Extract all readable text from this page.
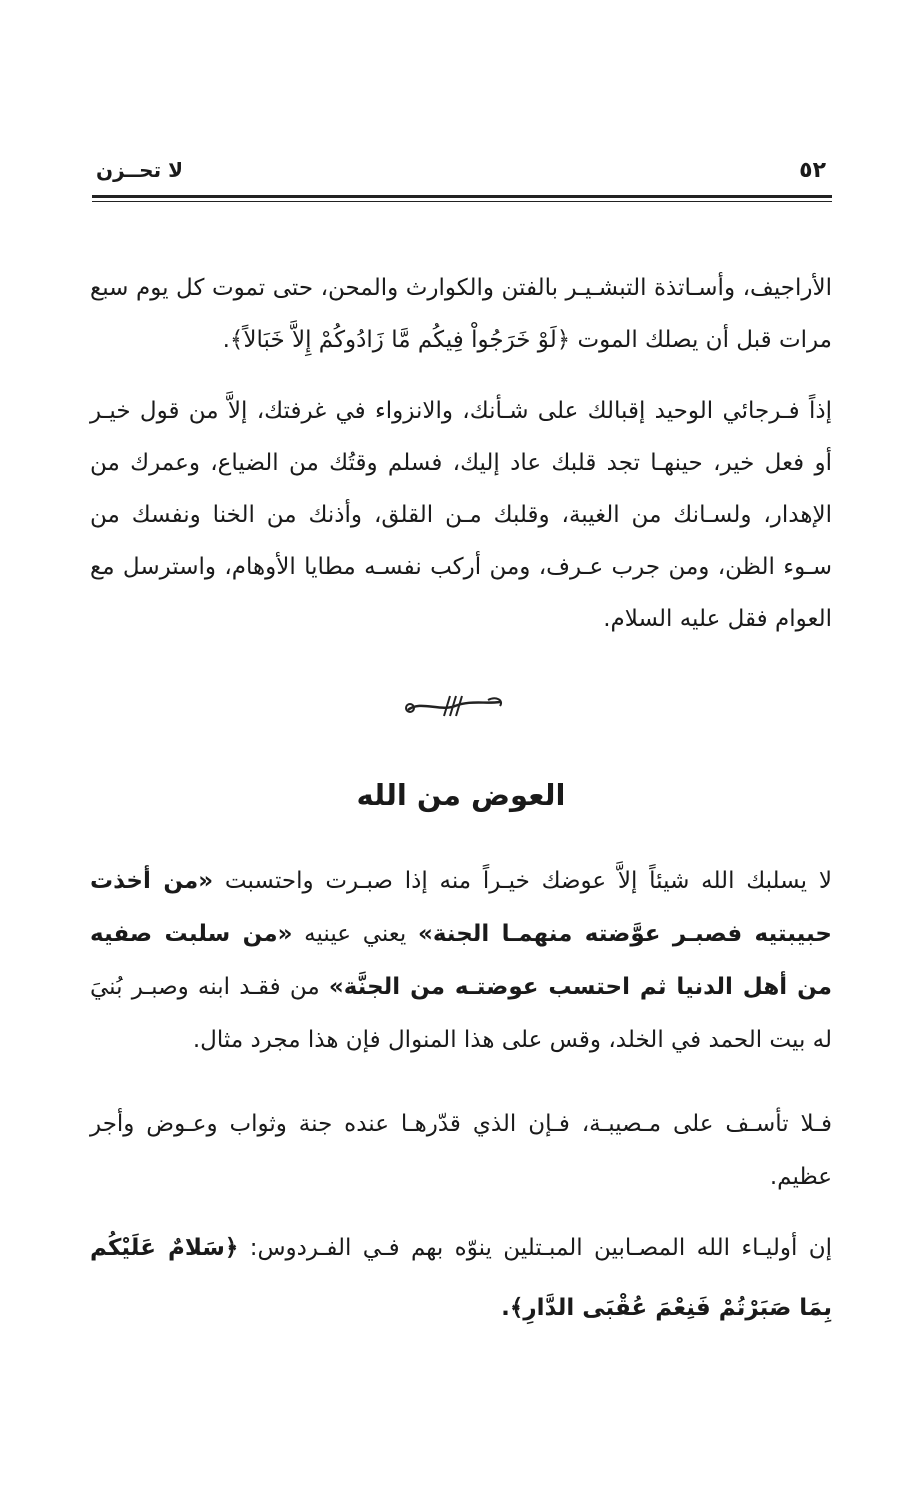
٥٢
لا تحــزن

الأراجيف، وأسـاتذة التبشـيـر بالفتن والكوارث والمحن، حتى تموت كل يوم سبع مرات قبل أن يصلك الموت ﴿لَوْ خَرَجُواْ فِيكُم مَّا زَادُوكُمْ إِلاَّ خَبَالاً﴾.

إذاً فـرجائي الوحيد إقبالك على شـأنك، والانزواء في غرفتك، إلاَّ من قول خيـر أو فعل خير، حينهـا تجد قلبك عاد إليك، فسلم وقتُك من الضياع، وعمرك من الإهدار، ولسـانك من الغيبة، وقلبك مـن القلق، وأذنك من الخنا ونفسك من سـوء الظن، ومن جرب عـرف، ومن أركب نفسـه مطايا الأوهام، واسترسل مع العوام فقل عليه السلام.

العوض من الله

لا يسلبك الله شيئاً إلاَّ عوضك خيـراً منه إذا صبـرت واحتسبت «من أخذت حبيبتيه فصبـر عوَّضته منهمـا الجنة» يعني عينيه «من سلبت صفيه من أهل الدنيا ثم احتسب عوضتـه من الجنَّة» من فقـد ابنه وصبـر بُنيَ له بيت الحمد في الخلد، وقس على هذا المنوال فإن هذا مجرد مثال.

فـلا تأسـف على مـصيبـة، فـإن الذي قدّرهـا عنده جنة وثواب وعـوض وأجر عظيم.

إن أوليـاء الله المصـابين المبـتلين ينوّه بهم فـي الفـردوس: ﴿سَلامٌ عَلَيْكُم بِمَا صَبَرْتُمْ فَنِعْمَ عُقْبَى الدَّارِ﴾.
